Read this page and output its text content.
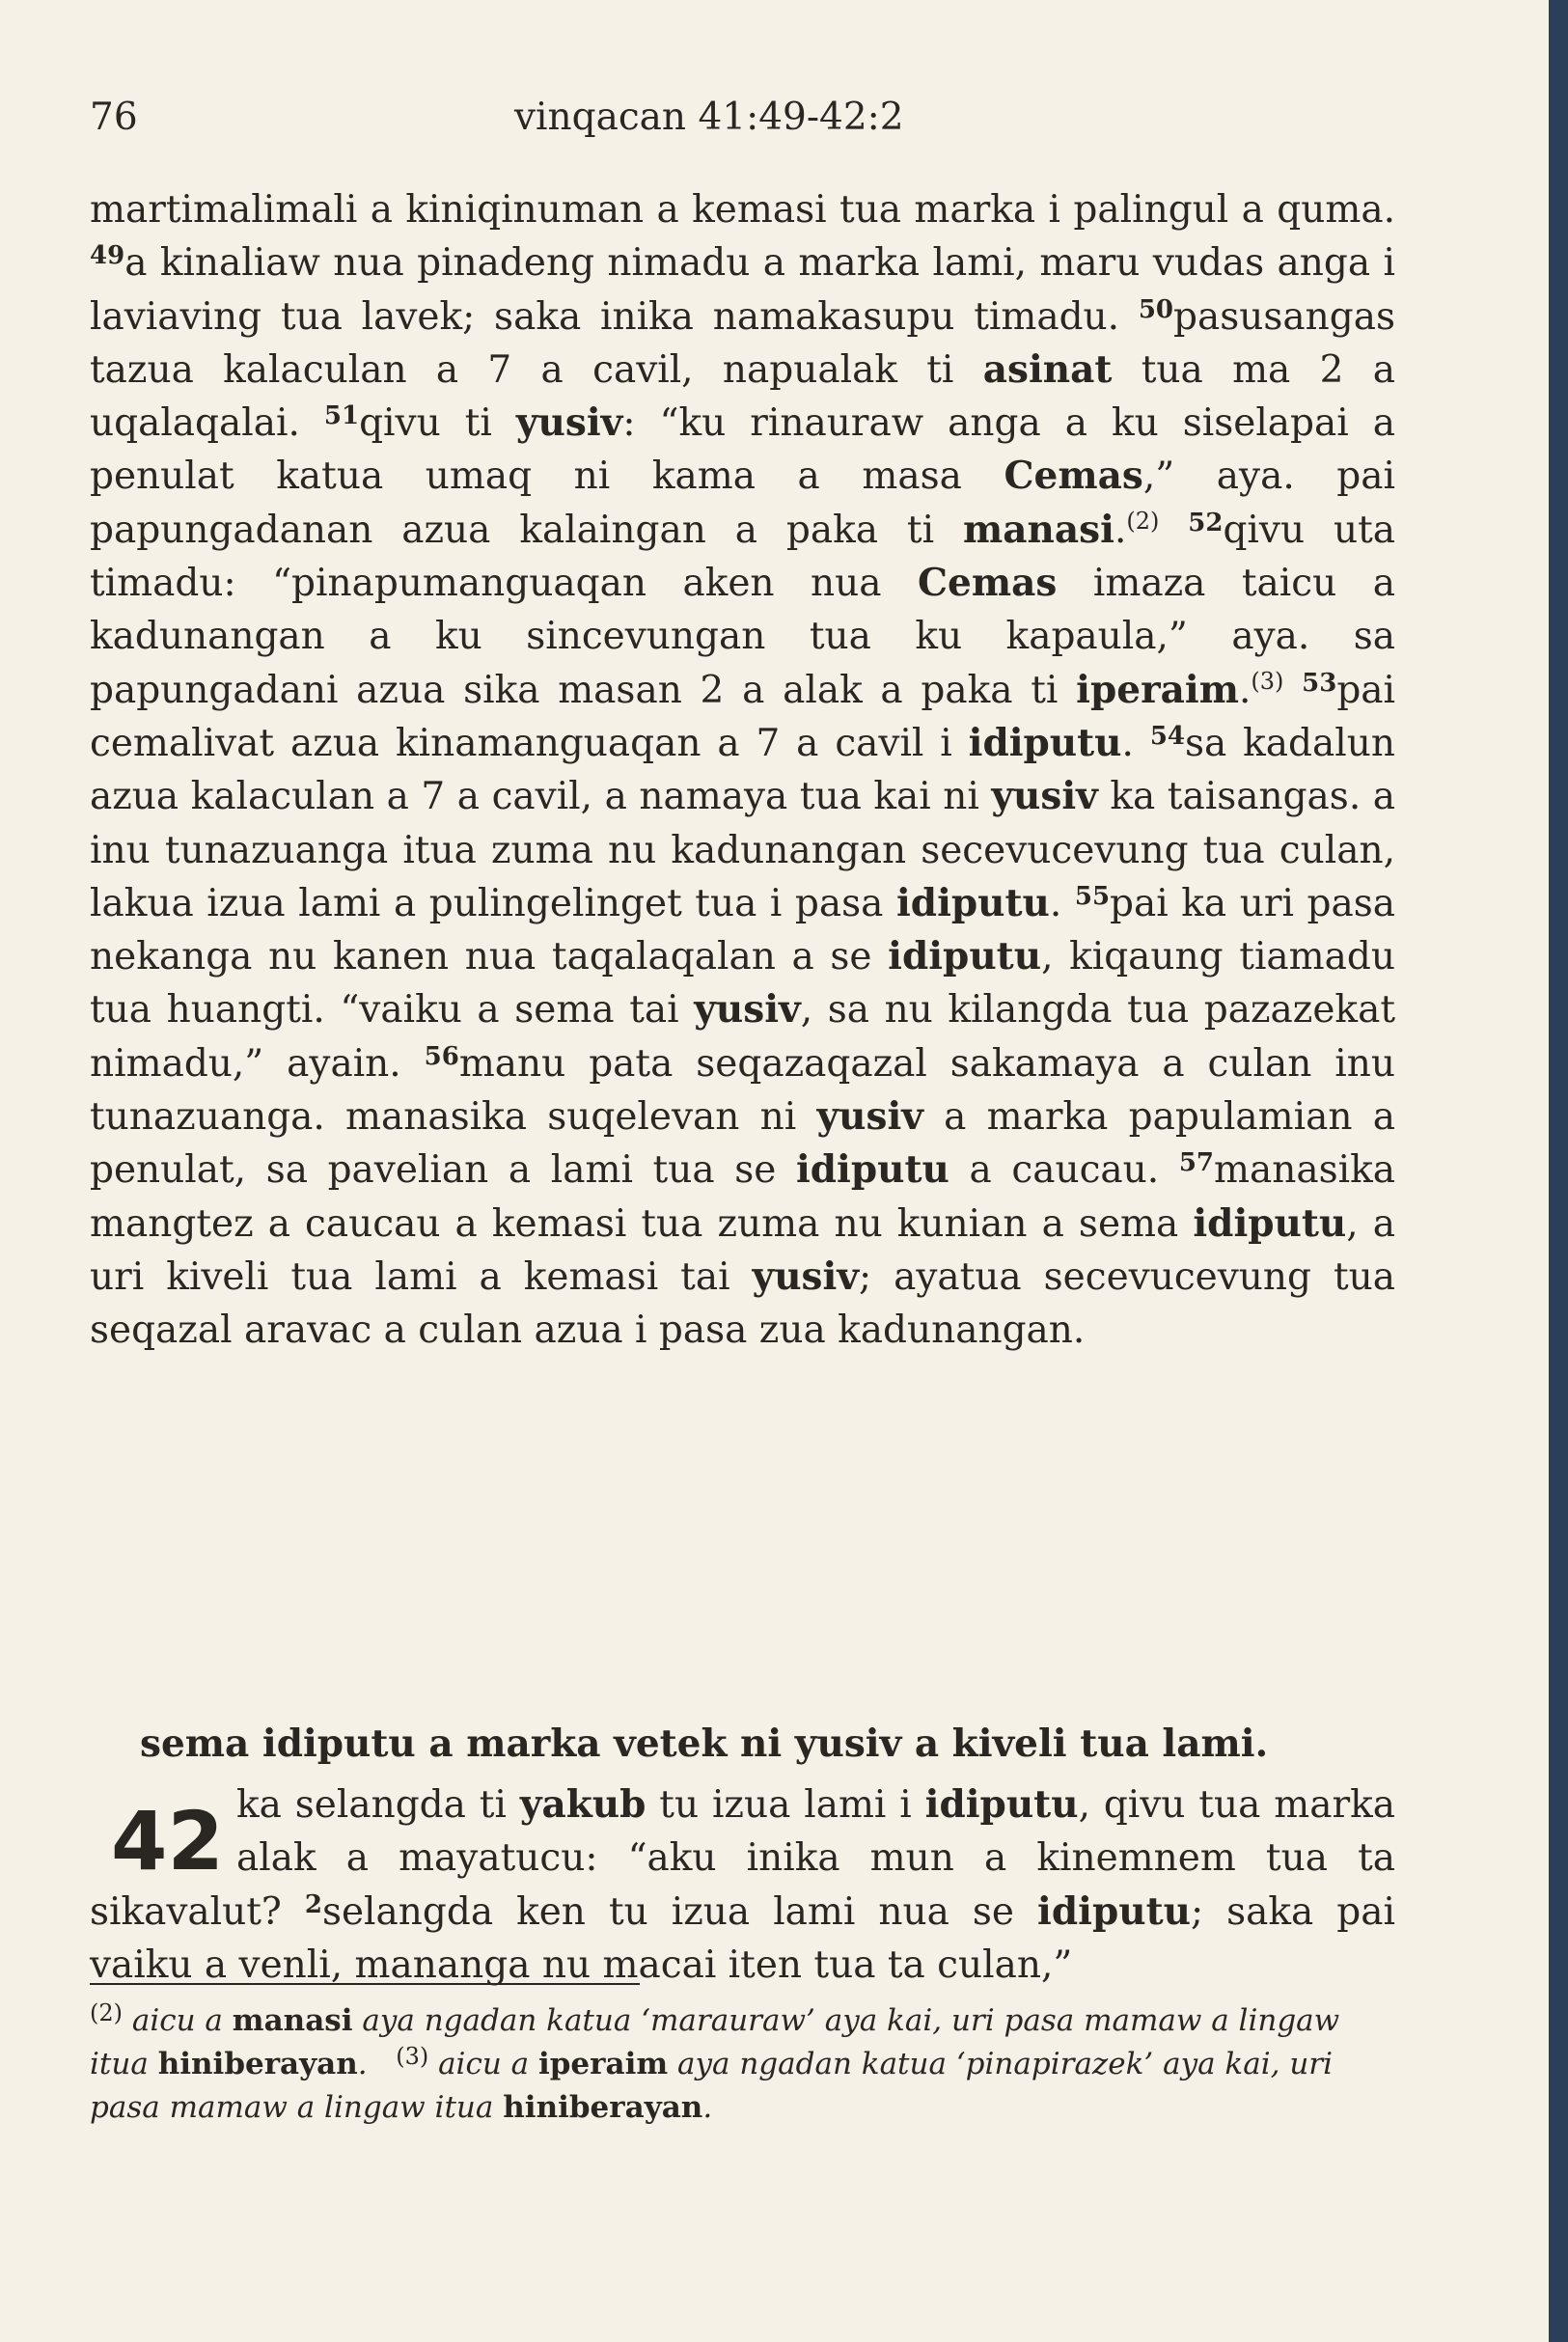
76	vinqacan 41:49-42:2

martimalimali a kiniqinuman a kemasi tua marka i palingul a quma. $^{49}$a kinaliaw nua pinadeng nimadu a marka lami, maru vudas anga i laviaving tua lavek; saka inika namakasupu timadu. $^{50}$pasusangas tazua kalaculan a 7 a cavil, napualak ti asinat tua ma 2 a uqalaqalai. $^{51}$qivu ti yusiv: “ku rinauraw anga a ku siselapai a penulat katua umaq ni kama a masa Cemas,” aya. pai papungadanan azua kalaingan a paka ti manasi.$^{(2)}$ $^{52}$qivu uta timadu: “pinapumanguaqan aken nua Cemas imaza taicu a kadunangan a ku sincevungan tua ku kapaula,” aya. sa papungadani azua sika masan 2 a alak a paka ti iperaim.$^{(3)}$ $^{53}$pai cemalivat azua kinamanguaqan a 7 a cavil i idiputu. $^{54}$sa kadalun azua kalaculan a 7 a cavil, a namaya tua kai ni yusiv ka taisangas. a inu tunazuanga itua zuma nu kadunangan secevucevung tua culan, lakua izua lami a pulingelinget tua i pasa idiputu. $^{55}$pai ka uri pasa nekanga nu kanen nua taqalaqalan a se idiputu, kiqaung tiamadu tua huangti. “vaiku a sema tai yusiv, sa nu kilangda tua pazazekat nimadu,” ayain. $^{56}$manu pata seqazaqazal sakamaya a culan inu tunazuanga. manasika suqelevan ni yusiv a marka papulamian a penulat, sa pavelian a lami tua se idiputu a caucau. $^{57}$manasika mangtez a caucau a kemasi tua zuma nu kunian a sema idiputu, a uri kiveli tua lami a kemasi tai yusiv; ayatua secevucevung tua seqazal aravac a culan azua i pasa zua kadunangan.

sema idiputu a marka vetek ni yusiv a kiveli tua lami.
42 ka selangda ti yakub tu izua lami i idiputu, qivu tua marka alak a mayatucu: “aku inika mun a kinemnem tua ta sikavalut? $^2$selangda ken tu izua lami nua se idiputu; saka pai vaiku a venli, mananga nu macai iten tua ta culan,”

$^{(2)}$ aicu a manasi aya ngadan katua ‘marauraw’ aya kai, uri pasa mamaw a lingaw itua hiniberayan. $^{(3)}$ aicu a iperaim aya ngadan katua ‘pinapirazek’ aya kai, uri pasa mamaw a lingaw itua hiniberayan.
